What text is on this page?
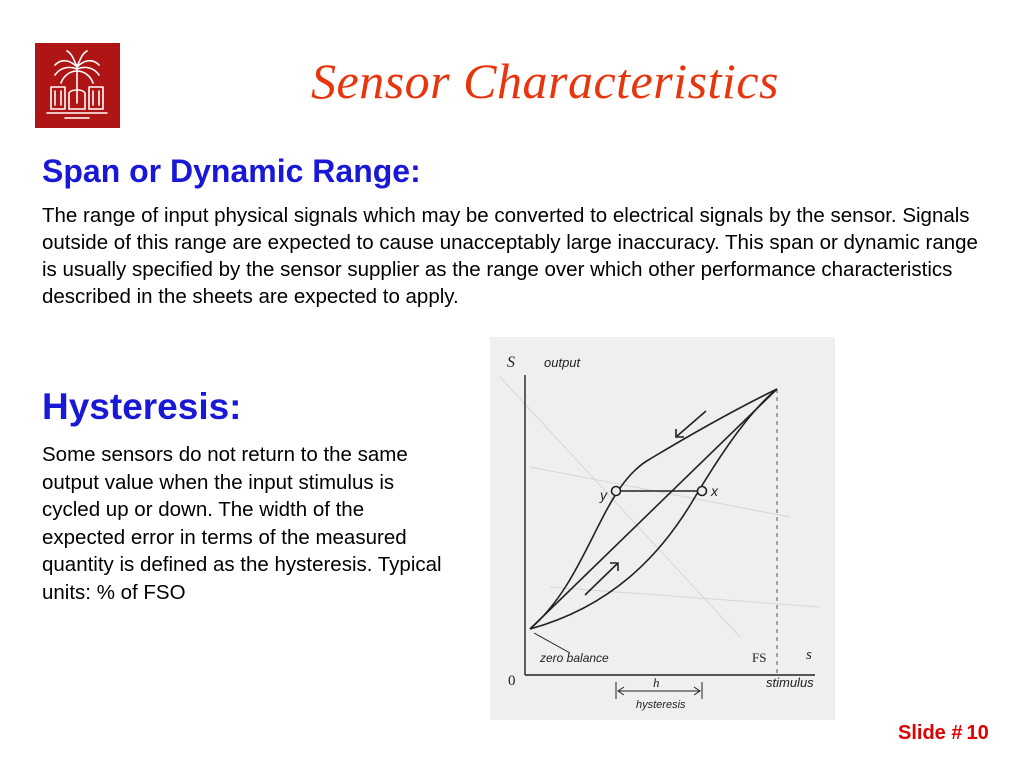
Sensor Characteristics
Span or Dynamic Range:

The range of input physical signals which may be converted to electrical signals by the sensor. Signals outside of this range are expected to cause unacceptably large inaccuracy. This span or dynamic range is usually specified by the sensor supplier as the range over which other performance characteristics described in the sheets are expected to apply.

Hysteresis:

Some sensors do not return to the same output value when the input stimulus is cycled up or down. The width of the expected error in terms of the measured quantity is defined as the hysteresis. Typical units: % of FSO

S output
y	x
zero balance	FS	s
0	stimulus
h
hysteresis
Slide # 10
